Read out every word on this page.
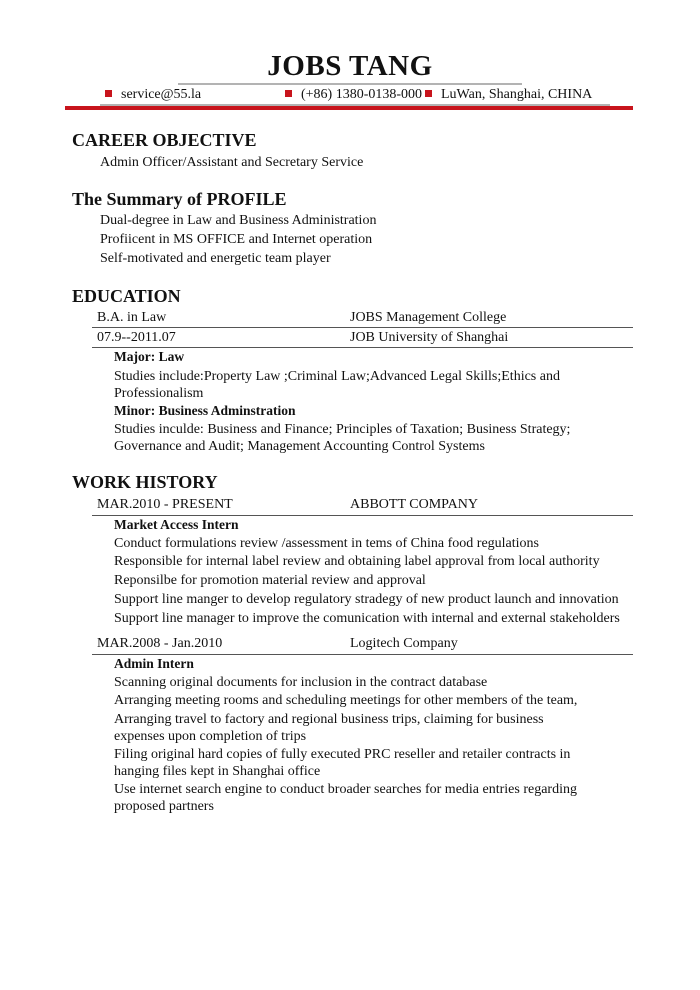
JOBS TANG
service@55.la	(+86) 1380-0138-000	LuWan, Shanghai, CHINA
CAREER OBJECTIVE
Admin Officer/Assistant and Secretary Service
The Summary of PROFILE
Dual-degree in Law and Business Administration
Profiicent in MS OFFICE and Internet operation
Self-motivated and energetic team player
EDUCATION
B.A. in Law	JOBS Management College
07.9--2011.07	JOB University of Shanghai
Major: Law
Studies include:Property Law ;Criminal Law;Advanced Legal Skills;Ethics and Professionalism
Minor: Business Adminstration
Studies inculde: Business and Finance; Principles of Taxation; Business Strategy; Governance and Audit; Management Accounting Control Systems
WORK HISTORY
MAR.2010 - PRESENT	ABBOTT COMPANY
Market Access Intern
Conduct formulations review /assessment in tems of China food regulations
Responsible for internal label review and obtaining label approval from local authority
Reponsilbe for promotion material review and approval
Support line manger to develop regulatory stradegy of new product launch and innovation
Support line manager to improve the comunication with internal and external stakeholders
MAR.2008 - Jan.2010	Logitech Company
Admin Intern
Scanning original documents for inclusion in the contract database
Arranging meeting rooms and scheduling meetings for other members of the team,
Arranging travel to factory and regional business trips, claiming for business expenses upon completion of trips
Filing original hard copies of fully executed PRC reseller and retailer contracts in hanging files kept in Shanghai office
Use internet search engine to conduct broader searches for media entries regarding proposed partners
